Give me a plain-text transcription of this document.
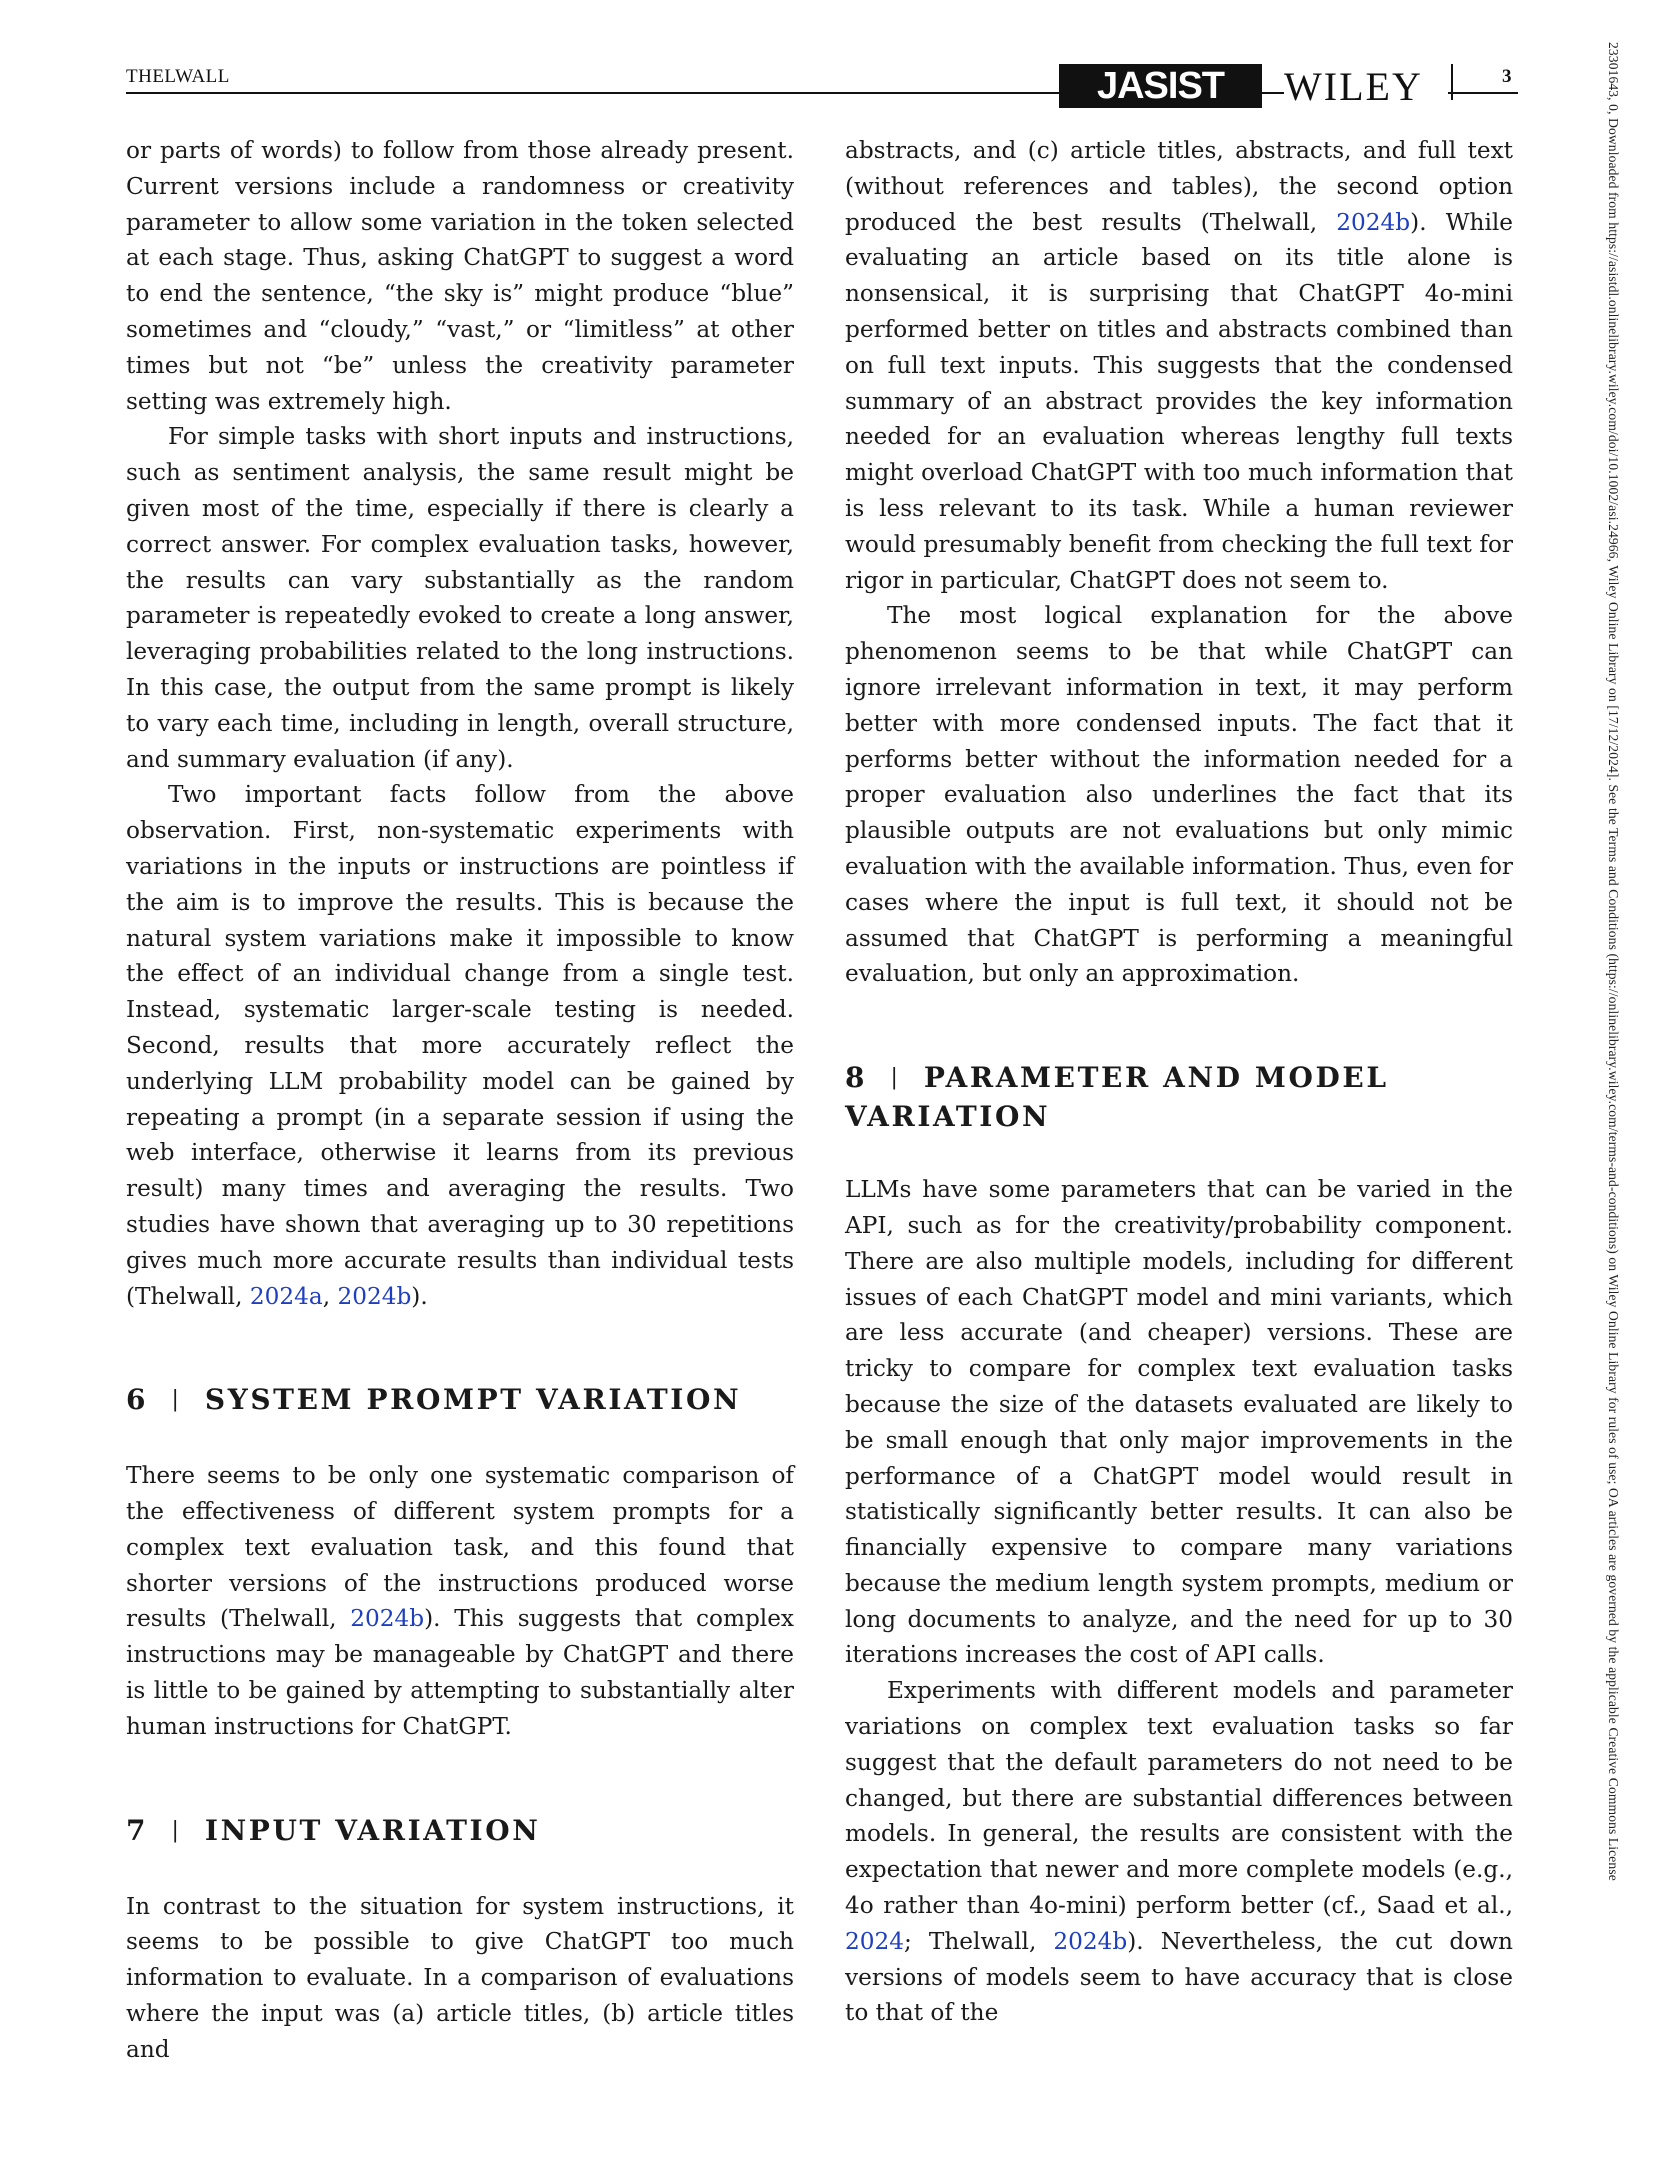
THELWALL	JASIST	WILEY	3

or parts of words) to follow from those already present. Current versions include a randomness or creativity parameter to allow some variation in the token selected at each stage. Thus, asking ChatGPT to suggest a word to end the sentence, “the sky is” might produce “blue” sometimes and “cloudy,” “vast,” or “limitless” at other times but not “be” unless the creativity parameter setting was extremely high.

For simple tasks with short inputs and instructions, such as sentiment analysis, the same result might be given most of the time, especially if there is clearly a correct answer. For complex evaluation tasks, however, the results can vary substantially as the random parameter is repeatedly evoked to create a long answer, leveraging probabilities related to the long instructions. In this case, the output from the same prompt is likely to vary each time, including in length, overall structure, and summary evaluation (if any).

Two important facts follow from the above observation. First, non-systematic experiments with variations in the inputs or instructions are pointless if the aim is to improve the results. This is because the natural system variations make it impossible to know the effect of an individual change from a single test. Instead, systematic larger-scale testing is needed. Second, results that more accurately reflect the underlying LLM probability model can be gained by repeating a prompt (in a separate session if using the web interface, otherwise it learns from its previous result) many times and averaging the results. Two studies have shown that averaging up to 30 repetitions gives much more accurate results than individual tests (Thelwall, 2024a, 2024b).

6 | SYSTEM PROMPT VARIATION

There seems to be only one systematic comparison of the effectiveness of different system prompts for a complex text evaluation task, and this found that shorter versions of the instructions produced worse results (Thelwall, 2024b). This suggests that complex instructions may be manageable by ChatGPT and there is little to be gained by attempting to substantially alter human instructions for ChatGPT.

7 | INPUT VARIATION

In contrast to the situation for system instructions, it seems to be possible to give ChatGPT too much information to evaluate. In a comparison of evaluations where the input was (a) article titles, (b) article titles and

abstracts, and (c) article titles, abstracts, and full text (without references and tables), the second option produced the best results (Thelwall, 2024b). While evaluating an article based on its title alone is nonsensical, it is surprising that ChatGPT 4o-mini performed better on titles and abstracts combined than on full text inputs. This suggests that the condensed summary of an abstract provides the key information needed for an evaluation whereas lengthy full texts might overload ChatGPT with too much information that is less relevant to its task. While a human reviewer would presumably benefit from checking the full text for rigor in particular, ChatGPT does not seem to.

The most logical explanation for the above phenomenon seems to be that while ChatGPT can ignore irrelevant information in text, it may perform better with more condensed inputs. The fact that it performs better without the information needed for a proper evaluation also underlines the fact that its plausible outputs are not evaluations but only mimic evaluation with the available information. Thus, even for cases where the input is full text, it should not be assumed that ChatGPT is performing a meaningful evaluation, but only an approximation.

8 | PARAMETER AND MODEL VARIATION

LLMs have some parameters that can be varied in the API, such as for the creativity/probability component. There are also multiple models, including for different issues of each ChatGPT model and mini variants, which are less accurate (and cheaper) versions. These are tricky to compare for complex text evaluation tasks because the size of the datasets evaluated are likely to be small enough that only major improvements in the performance of a ChatGPT model would result in statistically significantly better results. It can also be financially expensive to compare many variations because the medium length system prompts, medium or long documents to analyze, and the need for up to 30 iterations increases the cost of API calls.

Experiments with different models and parameter variations on complex text evaluation tasks so far suggest that the default parameters do not need to be changed, but there are substantial differences between models. In general, the results are consistent with the expectation that newer and more complete models (e.g., 4o rather than 4o-mini) perform better (cf., Saad et al., 2024; Thelwall, 2024b). Nevertheless, the cut down versions of models seem to have accuracy that is close to that of the

23301643, 0, Downloaded from https://asistdl.onlinelibrary.wiley.com/doi/10.1002/asi.24966, Wiley Online Library on [17/12/2024]. See the Terms and Conditions (https://onlinelibrary.wiley.com/terms-and-conditions) on Wiley Online Library for rules of use; OA articles are governed by the applicable Creative Commons License
